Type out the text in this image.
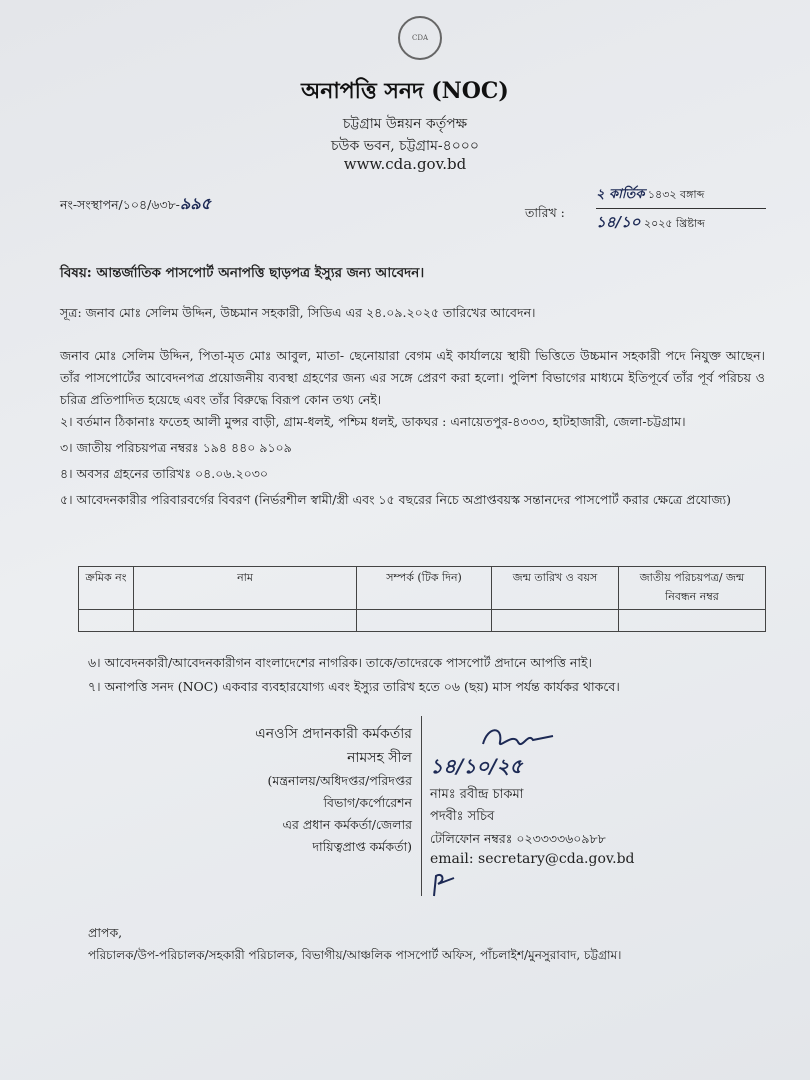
CDA
অনাপত্তি সনদ (NOC)
চট্টগ্রাম উন্নয়ন কর্তৃপক্ষ
চউক ভবন, চট্টগ্রাম-৪০০০
www.cda.gov.bd
নং-সংস্থাপন/১০৪/৬৩৮-৯৯৫	তারিখ :
২ কার্তিক ১৪৩২ বঙ্গাব্দ
১৪/১০ ২০২৫ খ্রিষ্টাব্দ
বিষয়: আন্তর্জাতিক পাসপোর্ট অনাপত্তি ছাড়পত্র ইস্যুর জন্য আবেদন।
সূত্র: জনাব মোঃ সেলিম উদ্দিন, উচ্চমান সহকারী, সিডিএ এর ২৪.০৯.২০২৫ তারিখের আবেদন।

জনাব মোঃ সেলিম উদ্দিন, পিতা-মৃত মোঃ আবুল, মাতা- ছেনোয়ারা বেগম এই কার্যালয়ে স্থায়ী ভিত্তিতে উচ্চমান সহকারী পদে নিযুক্ত আছেন। তাঁর পাসপোর্টের আবেদনপত্র প্রয়োজনীয় ব্যবস্থা গ্রহণের জন্য এর সঙ্গে প্রেরণ করা হলো। পুলিশ বিভাগের মাধ্যমে ইতিপূর্বে তাঁর পূর্ব পরিচয় ও চরিত্র প্রতিপাদিত হয়েছে এবং তাঁর বিরুদ্ধে বিরূপ কোন তথ্য নেই।

২। বর্তমান ঠিকানাঃ ফতেহ আলী মুন্সর বাড়ী, গ্রাম-ধলই, পশ্চিম ধলই, ডাকঘর : এনায়েতপুর-৪৩৩৩, হাটহাজারী, জেলা-চট্টগ্রাম।

৩। জাতীয় পরিচয়পত্র নম্বরঃ ১৯৪ ৪৪০ ৯১০৯

৪। অবসর গ্রহনের তারিখঃ ০৪.০৬.২০৩০

৫। আবেদনকারীর পরিবারবর্গের বিবরণ (নির্ভরশীল স্বামী/স্ত্রী এবং ১৫ বছরের নিচে অপ্রাপ্তবয়স্ক সন্তানদের পাসপোর্ট করার ক্ষেত্রে প্রযোজ্য)

ক্রমিক নং	নাম	সম্পর্ক (টিক দিন)	জন্ম তারিখ ও বয়স	জাতীয় পরিচয়পত্র/ জন্ম নিবন্ধন নম্বর

৬। আবেদনকারী/আবেদনকারীগন বাংলাদেশের নাগরিক। তাকে/তাদেরকে পাসপোর্ট প্রদানে আপত্তি নাই।
৭। অনাপত্তি সনদ (NOC) একবার ব্যবহারযোগ্য এবং ইস্যুর তারিখ হতে ০৬ (ছয়) মাস পর্যন্ত কার্যকর থাকবে।
এনওসি প্রদানকারী কর্মকর্তার
নামসহ সীল
(মন্ত্রনালয়/অধিদপ্তর/পরিদপ্তর
বিভাগ/কর্পোরেশন
এর প্রধান কর্মকর্তা/জেলার
দায়িত্বপ্রাপ্ত কর্মকর্তা)
১৪/১০/২৫
নামঃ রবীন্দ্র চাকমা
পদবীঃ সচিব
টেলিফোন নম্বরঃ ০২৩৩৩৩৬০৯৮৮
email: secretary@cda.gov.bd
প্রাপক,
পরিচালক/উপ-পরিচালক/সহকারী পরিচালক, বিভাগীয়/আঞ্চলিক পাসপোর্ট অফিস, পাঁচলাইশ/মুনসুরাবাদ, চট্টগ্রাম।
